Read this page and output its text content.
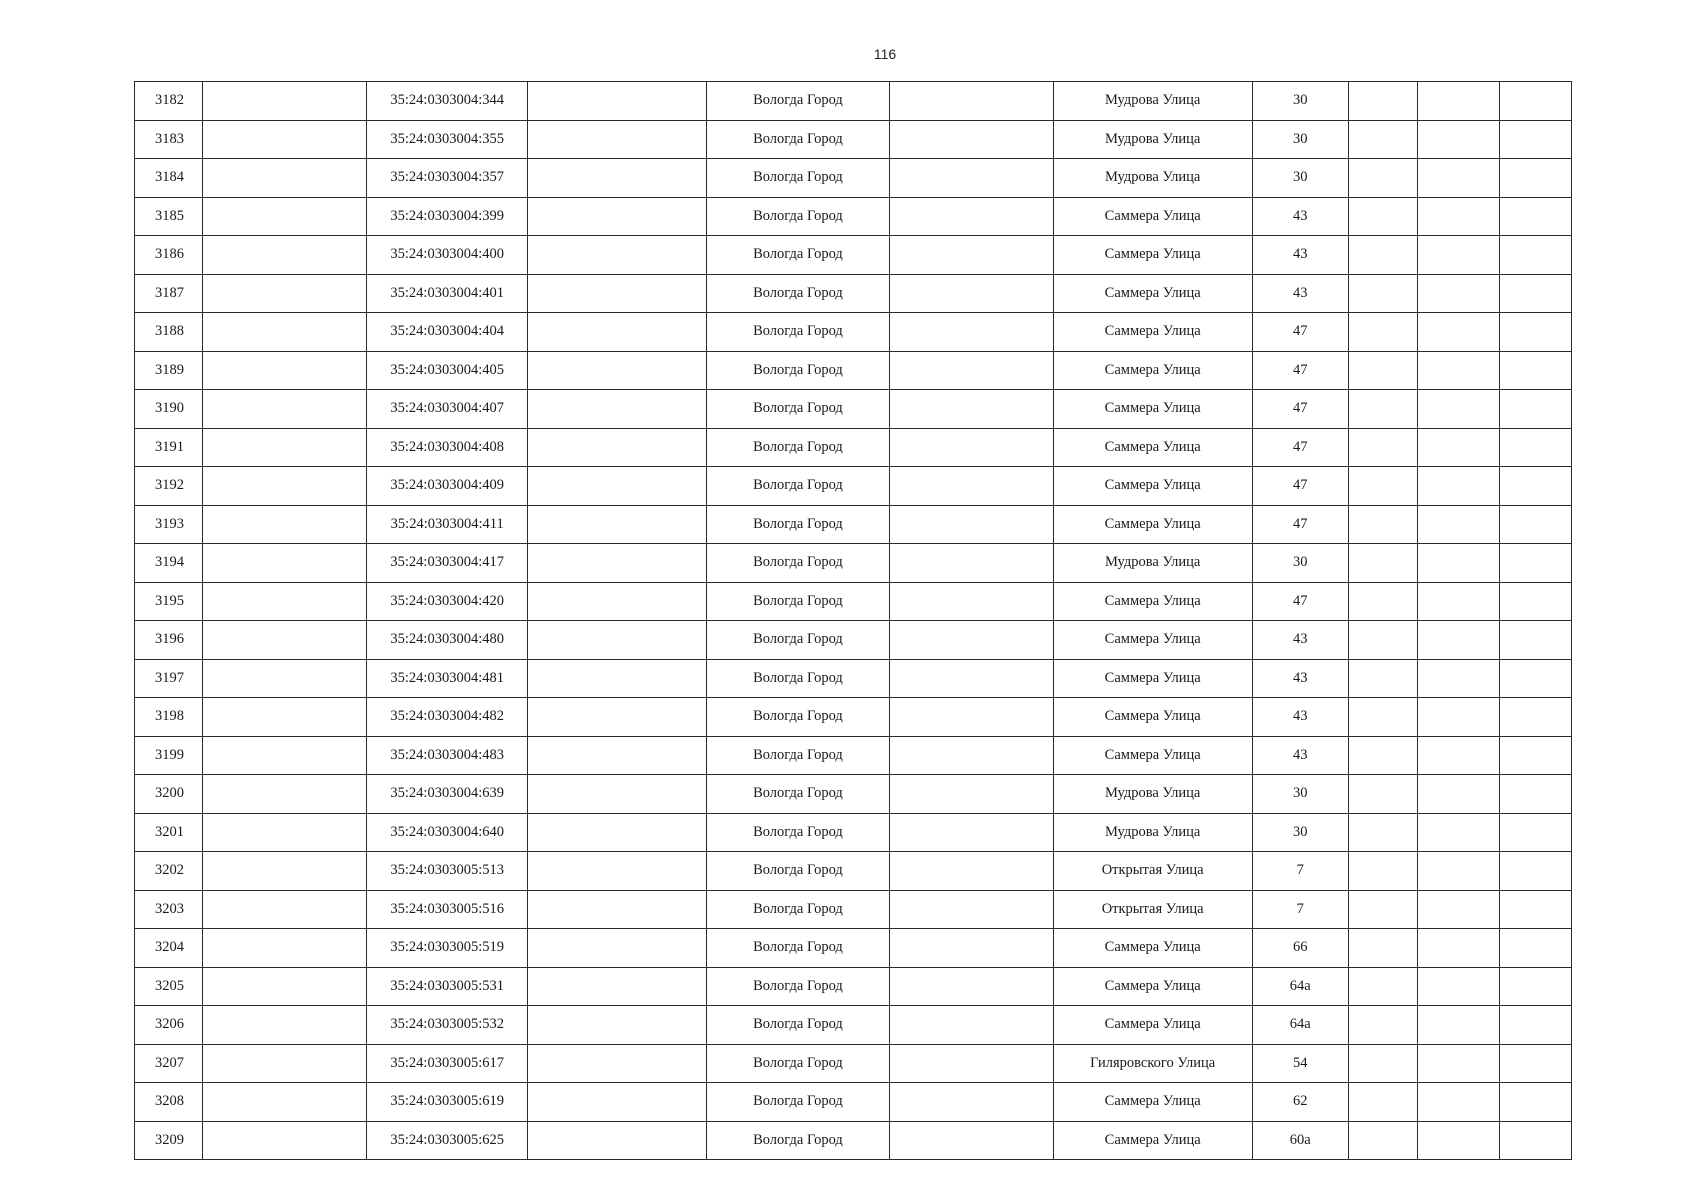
116
3182		35:24:0303004:344		Вологда Город		Мудрова Улица	30			
3183		35:24:0303004:355		Вологда Город		Мудрова Улица	30			
3184		35:24:0303004:357		Вологда Город		Мудрова Улица	30			
3185		35:24:0303004:399		Вологда Город		Саммера Улица	43			
3186		35:24:0303004:400		Вологда Город		Саммера Улица	43			
3187		35:24:0303004:401		Вологда Город		Саммера Улица	43			
3188		35:24:0303004:404		Вологда Город		Саммера Улица	47			
3189		35:24:0303004:405		Вологда Город		Саммера Улица	47			
3190		35:24:0303004:407		Вологда Город		Саммера Улица	47			
3191		35:24:0303004:408		Вологда Город		Саммера Улица	47			
3192		35:24:0303004:409		Вологда Город		Саммера Улица	47			
3193		35:24:0303004:411		Вологда Город		Саммера Улица	47			
3194		35:24:0303004:417		Вологда Город		Мудрова Улица	30			
3195		35:24:0303004:420		Вологда Город		Саммера Улица	47			
3196		35:24:0303004:480		Вологда Город		Саммера Улица	43			
3197		35:24:0303004:481		Вологда Город		Саммера Улица	43			
3198		35:24:0303004:482		Вологда Город		Саммера Улица	43			
3199		35:24:0303004:483		Вологда Город		Саммера Улица	43			
3200		35:24:0303004:639		Вологда Город		Мудрова Улица	30			
3201		35:24:0303004:640		Вологда Город		Мудрова Улица	30			
3202		35:24:0303005:513		Вологда Город		Открытая Улица	7			
3203		35:24:0303005:516		Вологда Город		Открытая Улица	7			
3204		35:24:0303005:519		Вологда Город		Саммера Улица	66			
3205		35:24:0303005:531		Вологда Город		Саммера Улица	64а			
3206		35:24:0303005:532		Вологда Город		Саммера Улица	64а			
3207		35:24:0303005:617		Вологда Город		Гиляровского Улица	54			
3208		35:24:0303005:619		Вологда Город		Саммера Улица	62			
3209		35:24:0303005:625		Вологда Город		Саммера Улица	60а			
